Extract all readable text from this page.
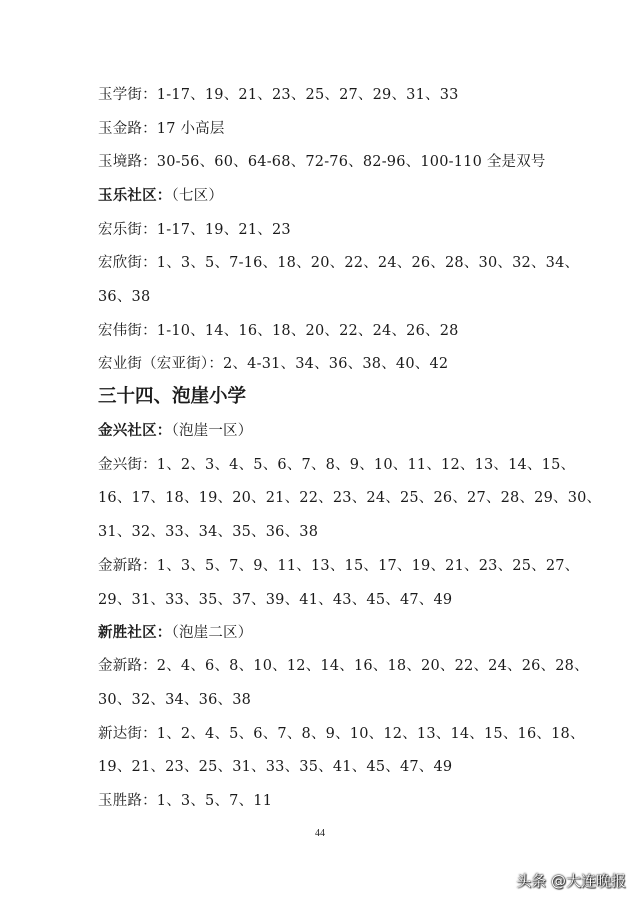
玉学街：1-17、19、21、23、25、27、29、31、33
玉金路：17 小高层
玉境路：30-56、60、64-68、72-76、82-96、100-110 全是双号
玉乐社区：（七区）
宏乐街：1-17、19、21、23
宏欣街：1、3、5、7-16、18、20、22、24、26、28、30、32、34、
36、38
宏伟街：1-10、14、16、18、20、22、24、26、28
宏业街（宏亚街）：2、4-31、34、36、38、40、42
三十四、泡崖小学
金兴社区：（泡崖一区）
金兴街：1、2、3、4、5、6、7、8、9、10、11、12、13、14、15、
16、17、18、19、20、21、22、23、24、25、26、27、28、29、30、
31、32、33、34、35、36、38
金新路：1、3、5、7、9、11、13、15、17、19、21、23、25、27、
29、31、33、35、37、39、41、43、45、47、49
新胜社区：（泡崖二区）
金新路：2、4、6、8、10、12、14、16、18、20、22、24、26、28、
30、32、34、36、38
新达街：1、2、4、5、6、7、8、9、10、12、13、14、15、16、18、
19、21、23、25、31、33、35、41、45、47、49
玉胜路：1、3、5、7、11
44
头条 @大连晚报
